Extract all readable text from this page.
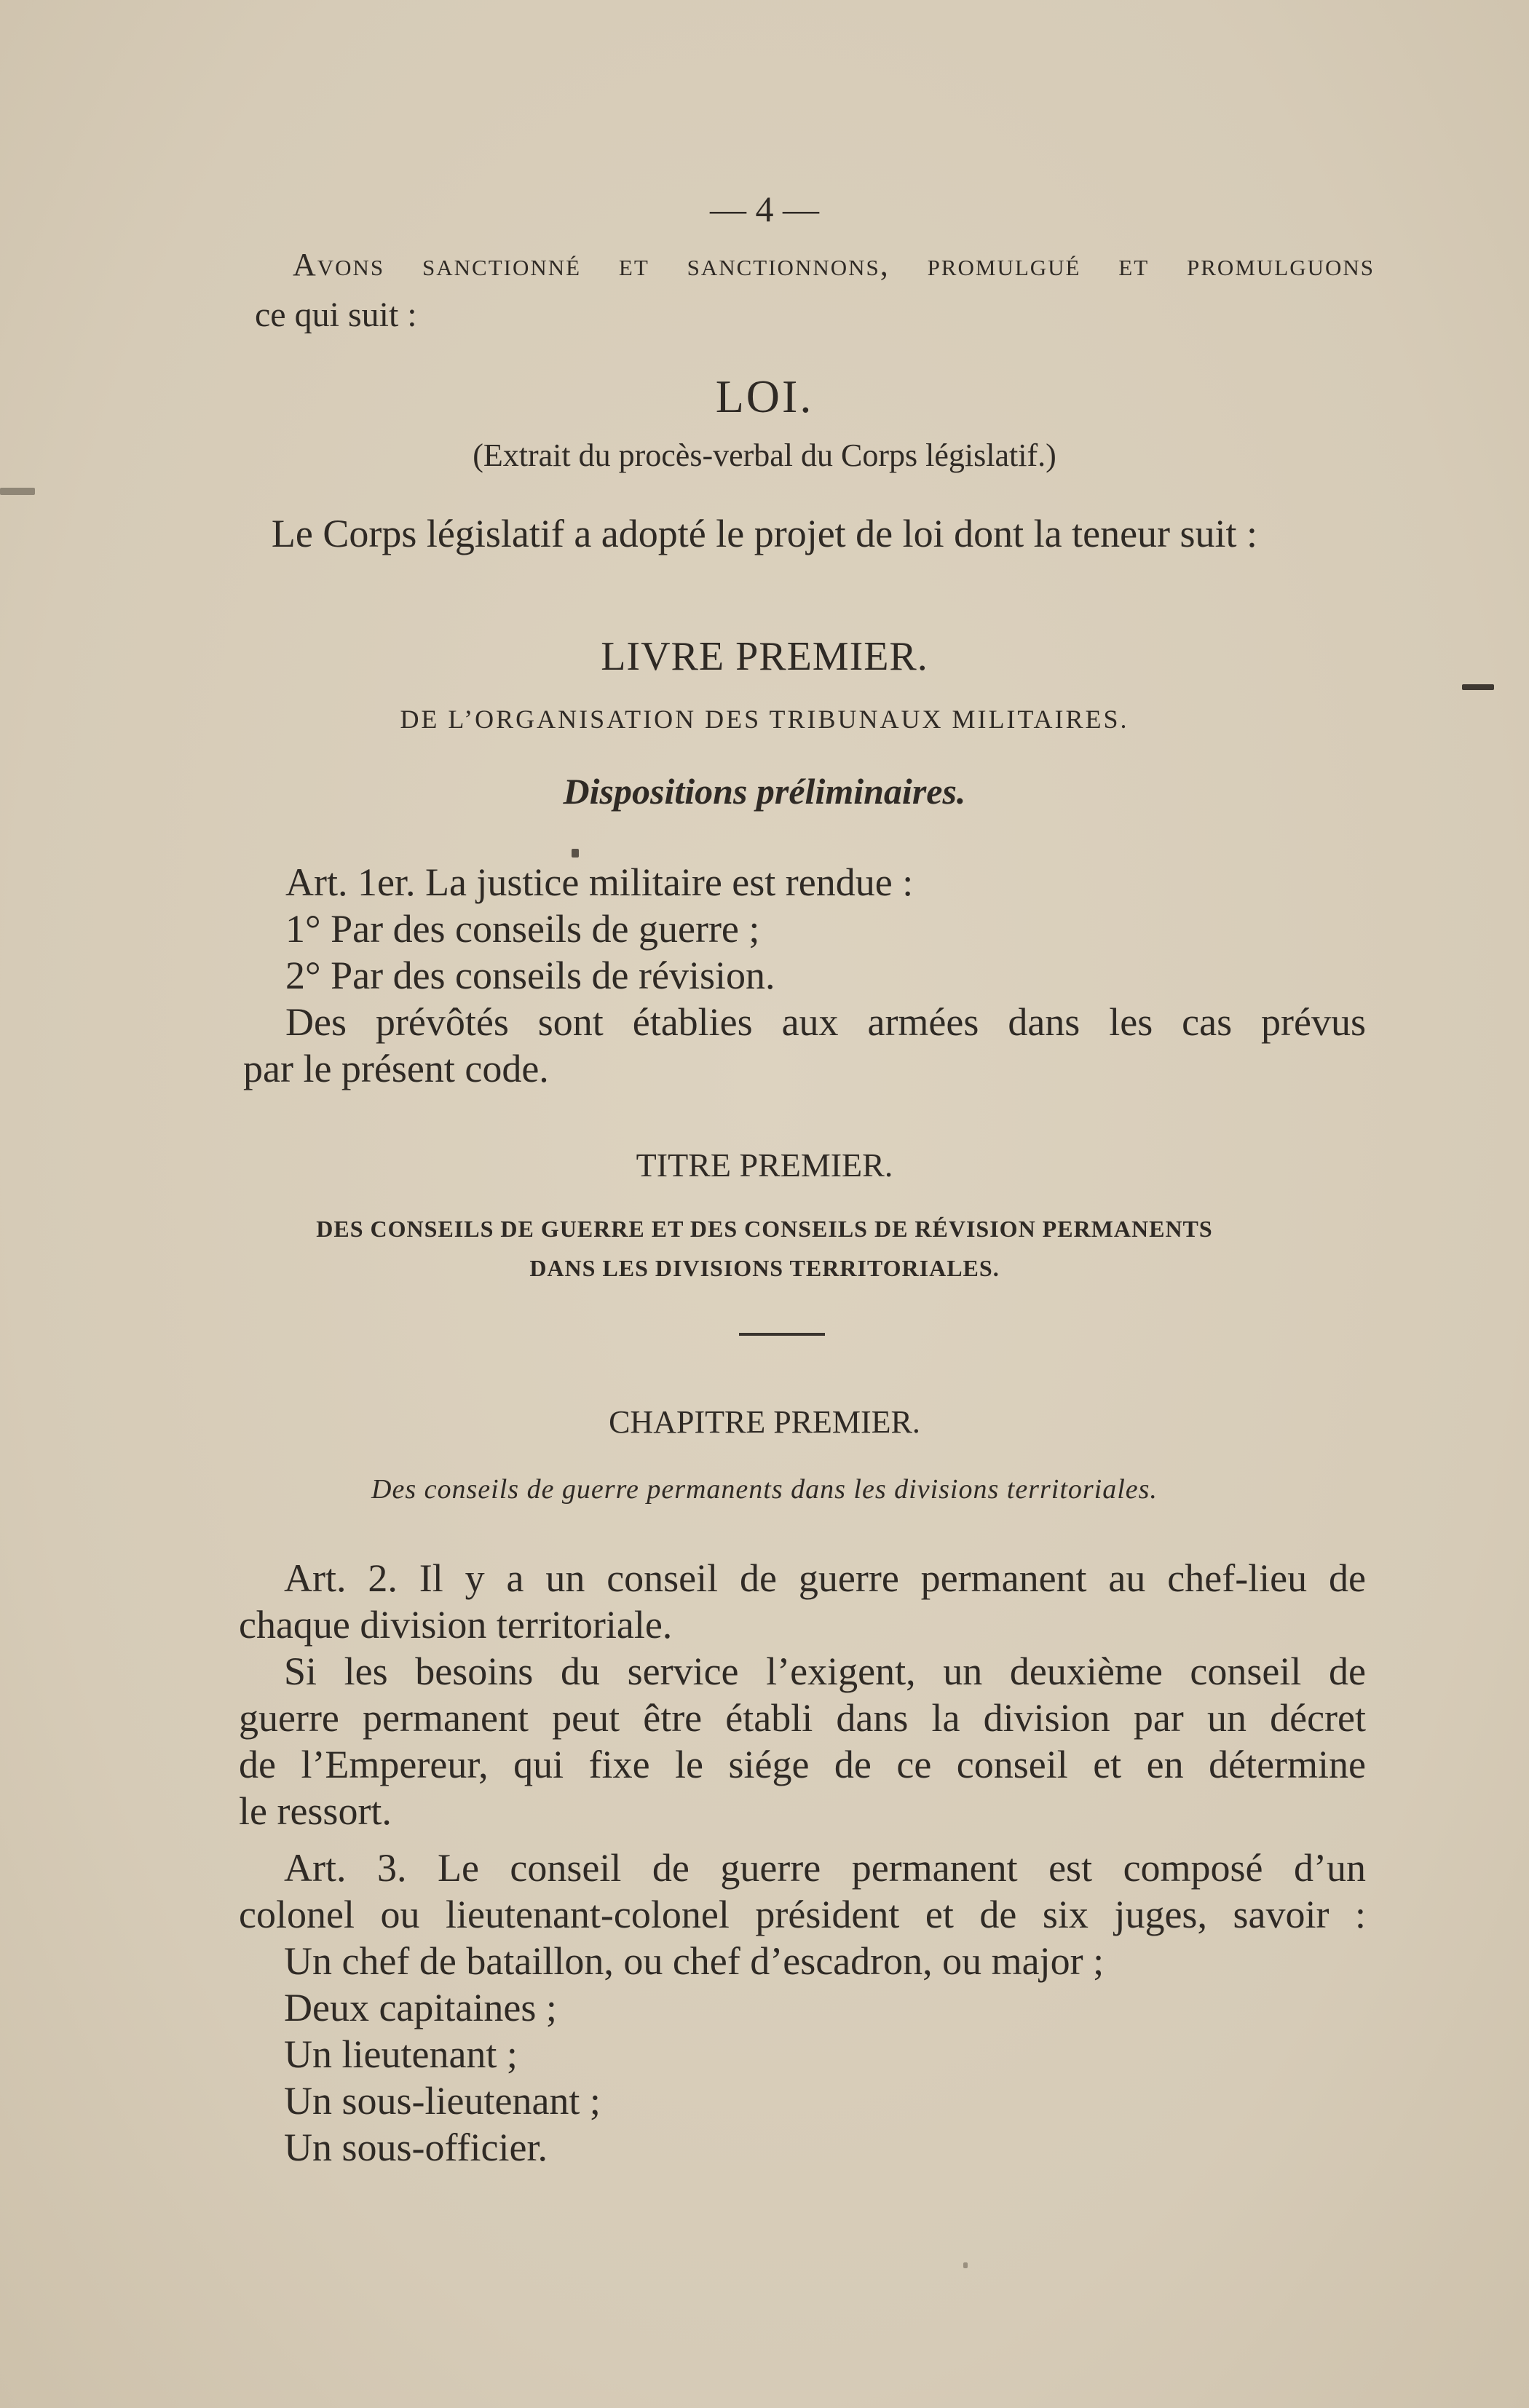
— 4 —
Avons sanctionné et sanctionnons, promulgué et promulguons
ce qui suit :
LOI.
(Extrait du procès-verbal du Corps législatif.)
Le Corps législatif a adopté le projet de loi dont la teneur suit :
LIVRE PREMIER.
DE L’ORGANISATION DES TRIBUNAUX MILITAIRES.
Dispositions préliminaires.
Art. 1er. La justice militaire est rendue :
1° Par des conseils de guerre ;
2° Par des conseils de révision.
Des prévôtés sont établies aux armées dans les cas prévus
par le présent code.
TITRE PREMIER.
DES CONSEILS DE GUERRE ET DES CONSEILS DE RÉVISION PERMANENTS
DANS LES DIVISIONS TERRITORIALES.
CHAPITRE PREMIER.
Des conseils de guerre permanents dans les divisions territoriales.
Art. 2. Il y a un conseil de guerre permanent au chef-lieu de
chaque division territoriale.
Si les besoins du service l’exigent, un deuxième conseil de
guerre permanent peut être établi dans la division par un décret
de l’Empereur, qui fixe le siége de ce conseil et en détermine
le ressort.
Art. 3. Le conseil de guerre permanent est composé d’un
colonel ou lieutenant-colonel président et de six juges, savoir :
Un chef de bataillon, ou chef d’escadron, ou major ;
Deux capitaines ;
Un lieutenant ;
Un sous-lieutenant ;
Un sous-officier.
